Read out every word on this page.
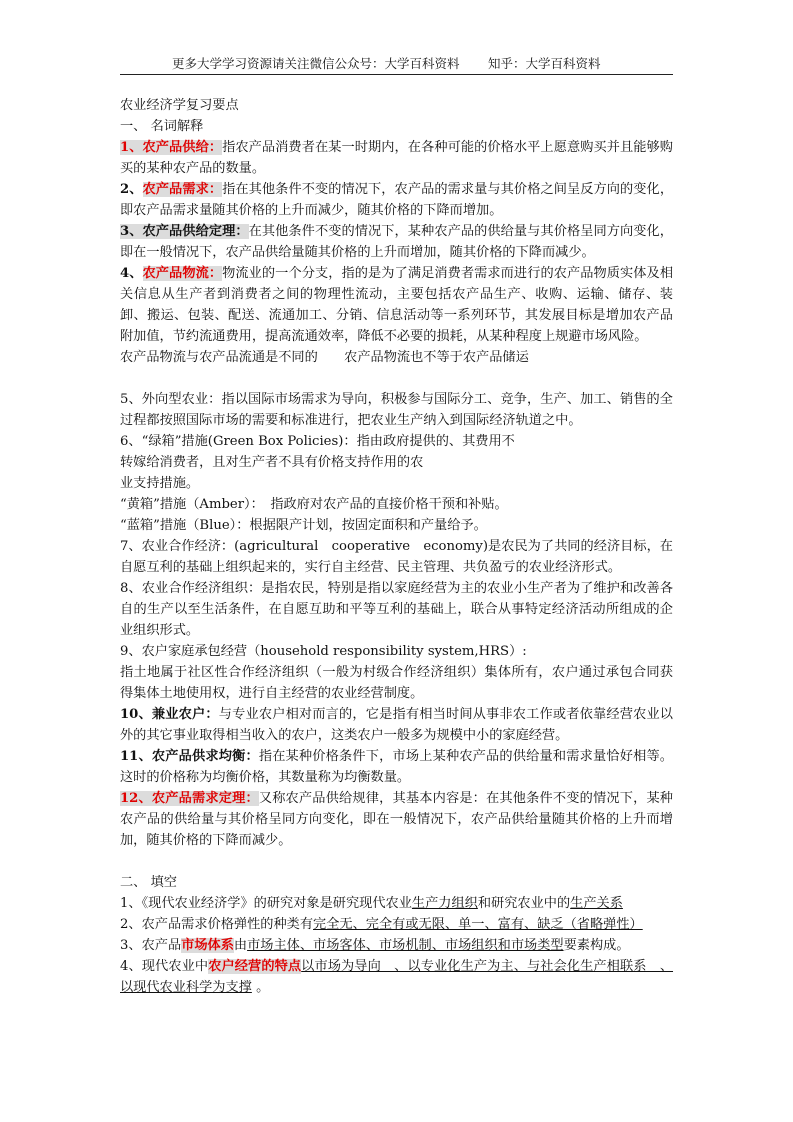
更多大学学习资源请关注微信公众号：大学百科资料 知乎：大学百科资料

农业经济学复习要点

一、 名词解释

1、农产品供给：指农产品消费者在某一时期内，在各种可能的价格水平上愿意购买并且能够购买的某种农产品的数量。

2、农产品需求：指在其他条件不变的情况下，农产品的需求量与其价格之间呈反方向的变化，即农产品需求量随其价格的上升而减少，随其价格的下降而增加。

3、农产品供给定理：在其他条件不变的情况下，某种农产品的供给量与其价格呈同方向变化，即在一般情况下，农产品供给量随其价格的上升而增加，随其价格的下降而减少。

4、农产品物流：物流业的一个分支，指的是为了满足消费者需求而进行的农产品物质实体及相关信息从生产者到消费者之间的物理性流动，主要包括农产品生产、收购、运输、储存、装卸、搬运、包装、配送、流通加工、分销、信息活动等一系列环节，其发展目标是增加农产品附加值，节约流通费用，提高流通效率，降低不必要的损耗，从某种程度上规避市场风险。

农产品物流与农产品流通是不同的　　农产品物流也不等于农产品储运

5、外向型农业：指以国际市场需求为导向，积极参与国际分工、竞争，生产、加工、销售的全过程都按照国际市场的需要和标准进行，把农业生产纳入到国际经济轨道之中。

6、“绿箱”措施(Green Box Policies)：指由政府提供的、其费用不

转嫁给消费者，且对生产者不具有价格支持作用的农

业支持措施。

“黄箱”措施（Amber）：　指政府对农产品的直接价格干预和补贴。

“蓝箱”措施（Blue）：根据限产计划，按固定面积和产量给予。

7、农业合作经济：(agricultural　cooperative　economy)是农民为了共同的经济目标，在自愿互利的基础上组织起来的，实行自主经营、民主管理、共负盈亏的农业经济形式。

8、农业合作经济组织：是指农民，特别是指以家庭经营为主的农业小生产者为了维护和改善各自的生产以至生活条件，在自愿互助和平等互利的基础上，联合从事特定经济活动所组成的企业组织形式。

9、农户家庭承包经营（household responsibility system,HRS）:

指土地属于社区性合作经济组织（一般为村级合作经济组织）集体所有，农户通过承包合同获得集体土地使用权，进行自主经营的农业经营制度。

10、兼业农户：与专业农户相对而言的，它是指有相当时间从事非农工作或者依靠经营农业以外的其它事业取得相当收入的农户，这类农户一般多为规模中小的家庭经营。

11、农产品供求均衡：指在某种价格条件下，市场上某种农产品的供给量和需求量恰好相等。这时的价格称为均衡价格，其数量称为均衡数量。

12、农产品需求定理：又称农产品供给规律，其基本内容是：在其他条件不变的情况下，某种农产品的供给量与其价格呈同方向变化，即在一般情况下，农产品供给量随其价格的上升而增加，随其价格的下降而减少。

二、 填空

1、《现代农业经济学》的研究对象是研究现代农业生产力组织和研究农业中的生产关系

2、农产品需求价格弹性的种类有完全无、完全有或无限、单一、富有、缺乏（省略弹性）

3、农产品市场体系由市场主体、市场客体、市场机制、市场组织和市场类型要素构成。

4、现代农业中农户经营的特点以市场为导向　、以专业化生产为主、与社会化生产相联系　、以现代农业科学为支撑 。
